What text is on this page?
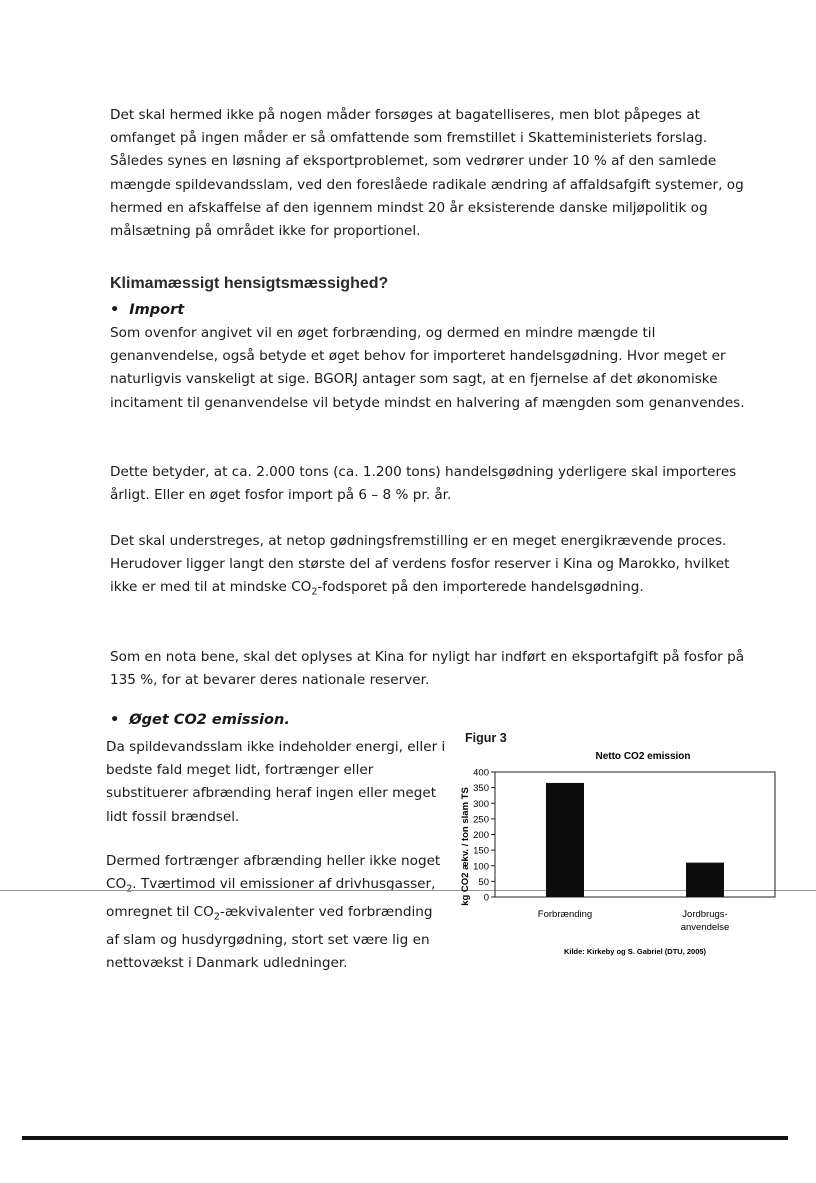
Det skal hermed ikke på nogen måder forsøges at bagatelliseres, men blot påpeges at omfanget på ingen måder er så omfattende som fremstillet i Skatteministeriets forslag. Således synes en løsning af eksportproblemet, som vedrører under 10 % af den samlede mængde spildevandsslam, ved den foreslåede radikale ændring af affaldsafgift systemer, og hermed en afskaffelse af den igennem mindst 20 år eksisterende danske miljøpolitik og målsætning på området ikke for proportionel.

Klimamæssigt hensigtsmæssighed?
• Import

Som ovenfor angivet vil en øget forbrænding, og dermed en mindre mængde til genanvendelse, også betyde et øget behov for importeret handelsgødning. Hvor meget er naturligvis vanskeligt at sige. BGORJ antager som sagt, at en fjernelse af det økonomiske incitament til genanvendelse vil betyde mindst en halvering af mængden som genanvendes.

Dette betyder, at ca. 2.000 tons (ca. 1.200 tons) handelsgødning yderligere skal importeres årligt. Eller en øget fosfor import på 6 – 8 % pr. år.

Det skal understreges, at netop gødningsfremstilling er en meget energikrævende proces. Herudover ligger langt den største del af verdens fosfor reserver i Kina og Marokko, hvilket ikke er med til at mindske $CO_2$-fodsporet på den importerede handelsgødning.

Som en nota bene, skal det oplyses at Kina for nyligt har indført en eksportafgift på fosfor på 135 %, for at bevarer deres nationale reserver.

• Øget CO2 emission.

Da spildevandsslam ikke indeholder energi, eller i bedste fald meget lidt, fortrænger eller substituerer afbrænding heraf ingen eller meget lidt fossil brændsel.

Dermed fortrænger afbrænding heller ikke noget $CO_2$. Tværtimod vil emissioner af drivhusgasser, omregnet til $CO_2$-ækvivalenter ved forbrænding af slam og husdyrgødning, stort set være lig en nettovækst i Danmark udledninger.

Figur 3
Netto CO2 emission
0
50
100
150
200
250
300
350
400
kg CO2 ækv. / ton slam TS
Forbrænding	Jordbrugs-anvendelse
Kilde: Kirkeby og S. Gabriel (DTU, 2005)
